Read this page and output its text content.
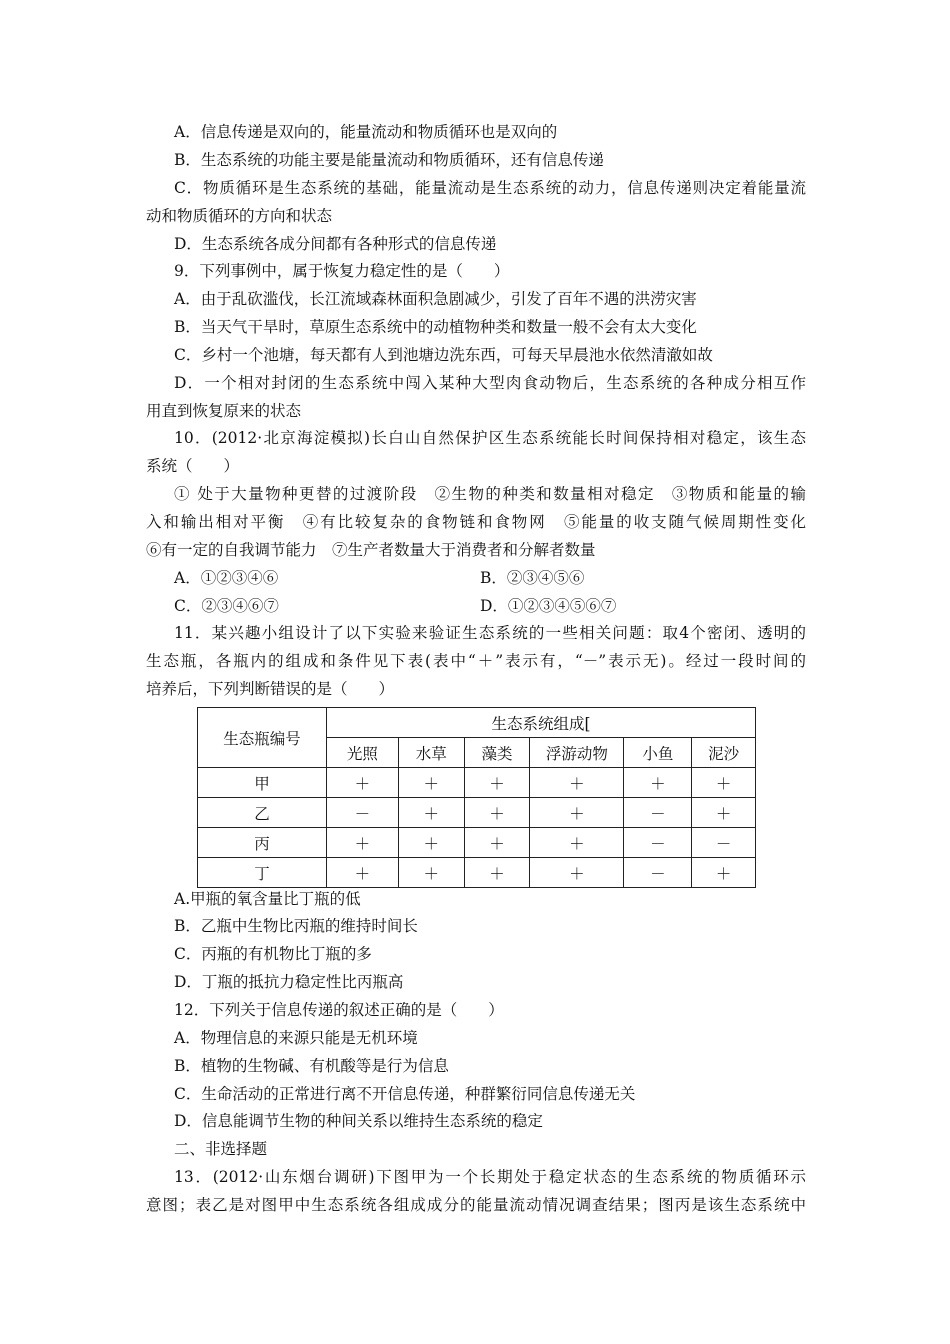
A．信息传递是双向的，能量流动和物质循环也是双向的
B．生态系统的功能主要是能量流动和物质循环，还有信息传递
C．物质循环是生态系统的基础，能量流动是生态系统的动力，信息传递则决定着能量流
动和物质循环的方向和状态
D．生态系统各成分间都有各种形式的信息传递
9．下列事例中，属于恢复力稳定性的是（　　）
A．由于乱砍滥伐，长江流域森林面积急剧减少，引发了百年不遇的洪涝灾害
B．当天气干旱时，草原生态系统中的动植物种类和数量一般不会有太大变化
C．乡村一个池塘，每天都有人到池塘边洗东西，可每天早晨池水依然清澈如故
D．一个相对封闭的生态系统中闯入某种大型肉食动物后，生态系统的各种成分相互作
用直到恢复原来的状态
10．(2012·北京海淀模拟)长白山自然保护区生态系统能长时间保持相对稳定，该生态
系统（　　）
① 处于大量物种更替的过渡阶段　②生物的种类和数量相对稳定　③物质和能量的输
入和输出相对平衡　④有比较复杂的食物链和食物网　⑤能量的收支随气候周期性变化
⑥有一定的自我调节能力　⑦生产者数量大于消费者和分解者数量
A．①②③④⑥	B．②③④⑤⑥
C．②③④⑥⑦	D．①②③④⑤⑥⑦
11．某兴趣小组设计了以下实验来验证生态系统的一些相关问题：取4个密闭、透明的
生态瓶，各瓶内的组成和条件见下表(表中“＋”表示有，“－”表示无)。经过一段时间的
培养后，下列判断错误的是（　　）
生态瓶编号	生态系统组成[					
	光照	水草	藻类	浮游动物	小鱼	泥沙
甲	＋	＋	＋	＋	＋	＋
乙	－	＋	＋	＋	－	＋
丙	＋	＋	＋	＋	－	－
丁	＋	＋	＋	＋	－	＋
A.甲瓶的氧含量比丁瓶的低
B．乙瓶中生物比丙瓶的维持时间长
C．丙瓶的有机物比丁瓶的多
D．丁瓶的抵抗力稳定性比丙瓶高
12．下列关于信息传递的叙述正确的是（　　）
A．物理信息的来源只能是无机环境
B．植物的生物碱、有机酸等是行为信息
C．生命活动的正常进行离不开信息传递，种群繁衍同信息传递无关
D．信息能调节生物的种间关系以维持生态系统的稳定
二、非选择题
13．(2012·山东烟台调研)下图甲为一个长期处于稳定状态的生态系统的物质循环示
意图；表乙是对图甲中生态系统各组成成分的能量流动情况调查结果；图丙是该生态系统中
